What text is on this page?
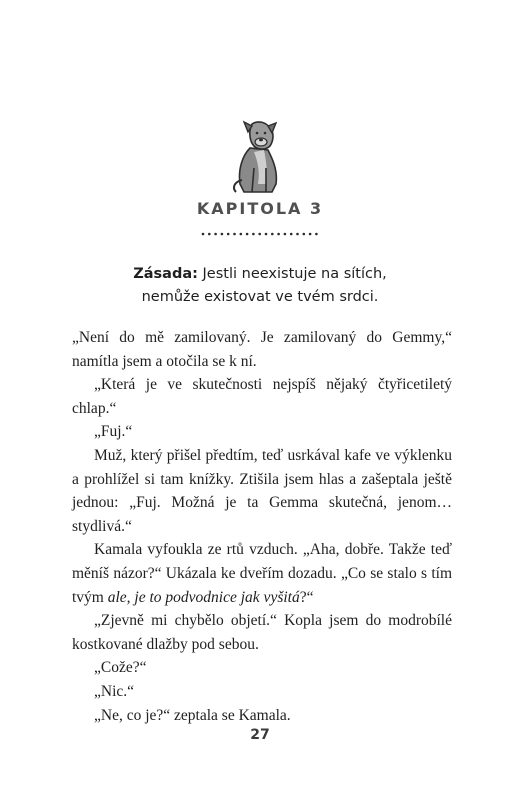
KAPITOLA 3
Zásada: Jestli neexistuje na sítích,
nemůže existovat ve tvém srdci.

„Není do mě zamilovaný. Je zamilovaný do Gemmy,“ namítla jsem a otočila se k ní.

„Která je ve skutečnosti nejspíš nějaký čtyřicetiletý chlap.“

„Fuj.“

Muž, který přišel předtím, teď usrkával kafe ve výklenku a prohlížel si tam knížky. Ztišila jsem hlas a zašeptala ještě jednou: „Fuj. Možná je ta Gemma skutečná, jenom… stydlivá.“

Kamala vyfoukla ze rtů vzduch. „Aha, dobře. Takže teď měníš názor?“ Ukázala ke dveřím dozadu. „Co se stalo s tím tvým ale, je to podvodnice jak vyšitá?“

„Zjevně mi chybělo objetí.“ Kopla jsem do modrobílé kostkované dlažby pod sebou.

„Cože?“

„Nic.“

„Ne, co je?“ zeptala se Kamala.

27
